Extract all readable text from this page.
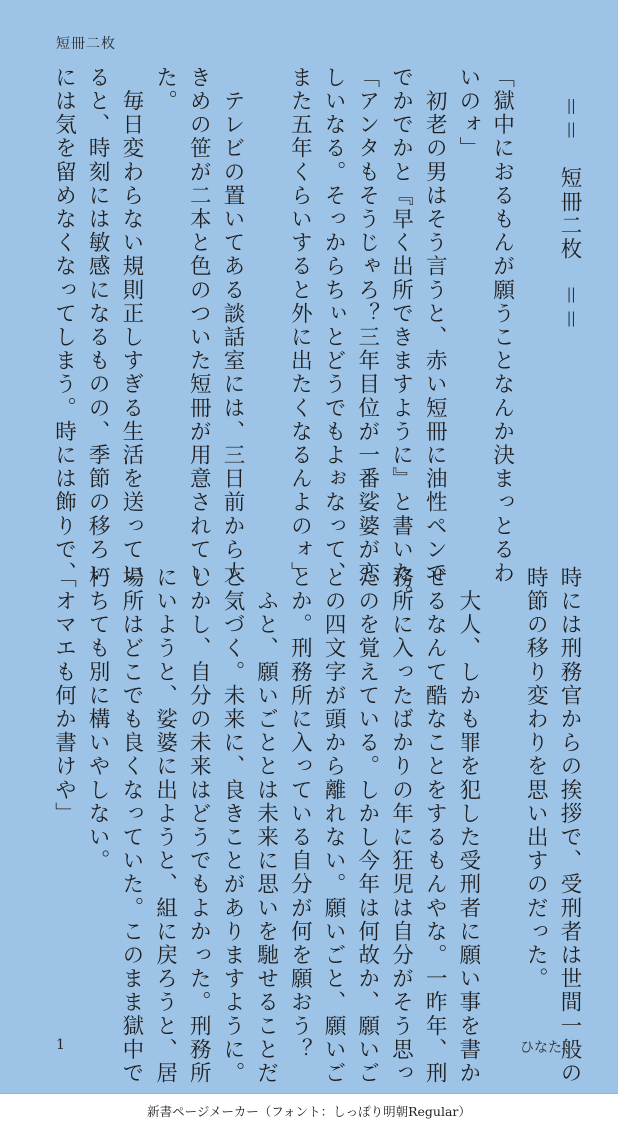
短冊二枚
＝＝　短冊二枚　＝＝

「獄中におるもんが願うことなんか決まっとるわ
いのォ」
　初老の男はそう言うと、赤い短冊に油性ペンで
でかでかと『早く出所できますように』と書いた。
「アンタもそうじゃろ？三年目位が一番娑婆が恋
しいなる。そっからちぃとどうでもよぉなって、
また五年くらいすると外に出たくなるんよのォ」

　テレビの置いてある談話室には、三日前から大
きめの笹が二本と色のついた短冊が用意されてい
た。
　毎日変わらない規則正しすぎる生活を送ってい
ると、時刻には敏感になるものの、季節の移ろい
には気を留めなくなってしまう。時には飾りで、
時には刑務官からの挨拶で、受刑者は世間一般の
時節の移り変わりを思い出すのだった。

　大人、しかも罪を犯した受刑者に願い事を書か
せるなんて酷なことをするもんやな。一昨年、刑
務所に入ったばかりの年に狂児は自分がそう思っ
たのを覚えている。しかし今年は何故か、願いご
との四文字が頭から離れない。願いごと、願いご
とか。刑務所に入っている自分が何を願おう？
　ふと、願いごととは未来に思いを馳せることだ
と気づく。未来に、良きことがありますように。
しかし、自分の未来はどうでもよかった。刑務所
にいようと、娑婆に出ようと、組に戻ろうと、居
場所はどこでも良くなっていた。このまま獄中で
朽ちても別に構いやしない。
「オマエも何か書けや」
1	ひなた
新書ページメーカー（フォント：しっぽり明朝Regular）
